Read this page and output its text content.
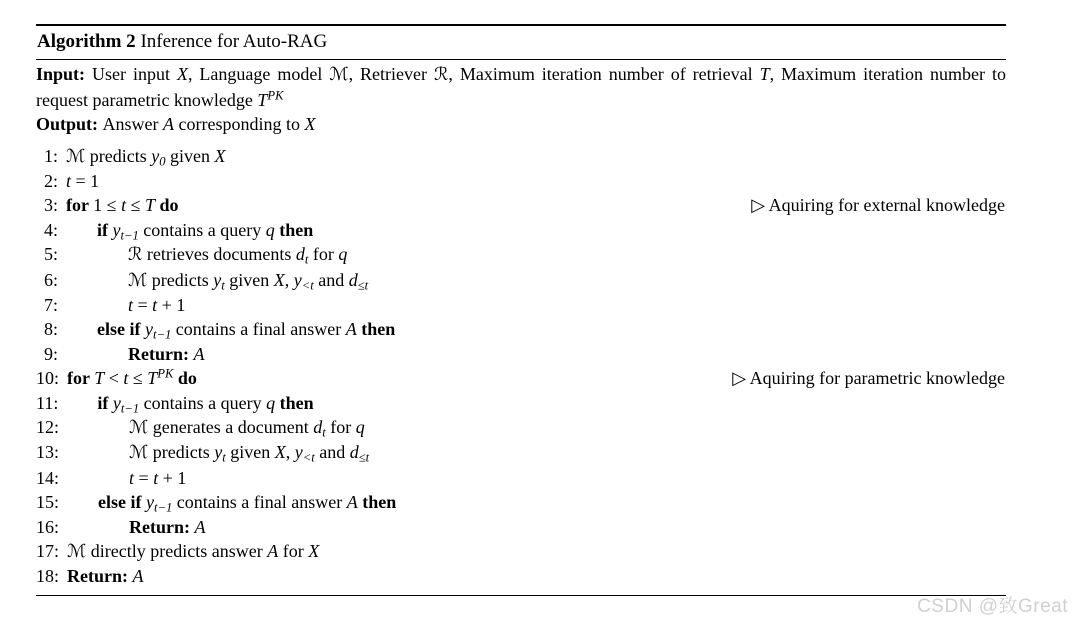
Algorithm 2 Inference for Auto-RAG

Input: User input X, Language model ℳ, Retriever ℛ, Maximum iteration number of retrieval T, Maximum iteration number to request parametric knowledge $T^{PK}$

Output: Answer A corresponding to X

1: ℳ predicts y0 given X
2: t = 1
3: for 1 ≤ t ≤ T do	▷ Aquiring for external knowledge
4:	if yt−1 contains a query q then
5:	ℛ retrieves documents dt for q
6:	ℳ predicts yt given X, y<t and d≤t
7:	t = t + 1
8:	else if yt−1 contains a final answer A then
9:	Return: A
10: for $T < t \le T^{PK}$ do	▷ Aquiring for parametric knowledge
11:	if yt−1 contains a query q then
12:	ℳ generates a document dt for q
13:	ℳ predicts yt given X, y<t and d≤t
14:	t = t + 1
15:	else if yt−1 contains a final answer A then
16:	Return: A
17: ℳ directly predicts answer A for X
18: Return: A
CSDN @致Great
